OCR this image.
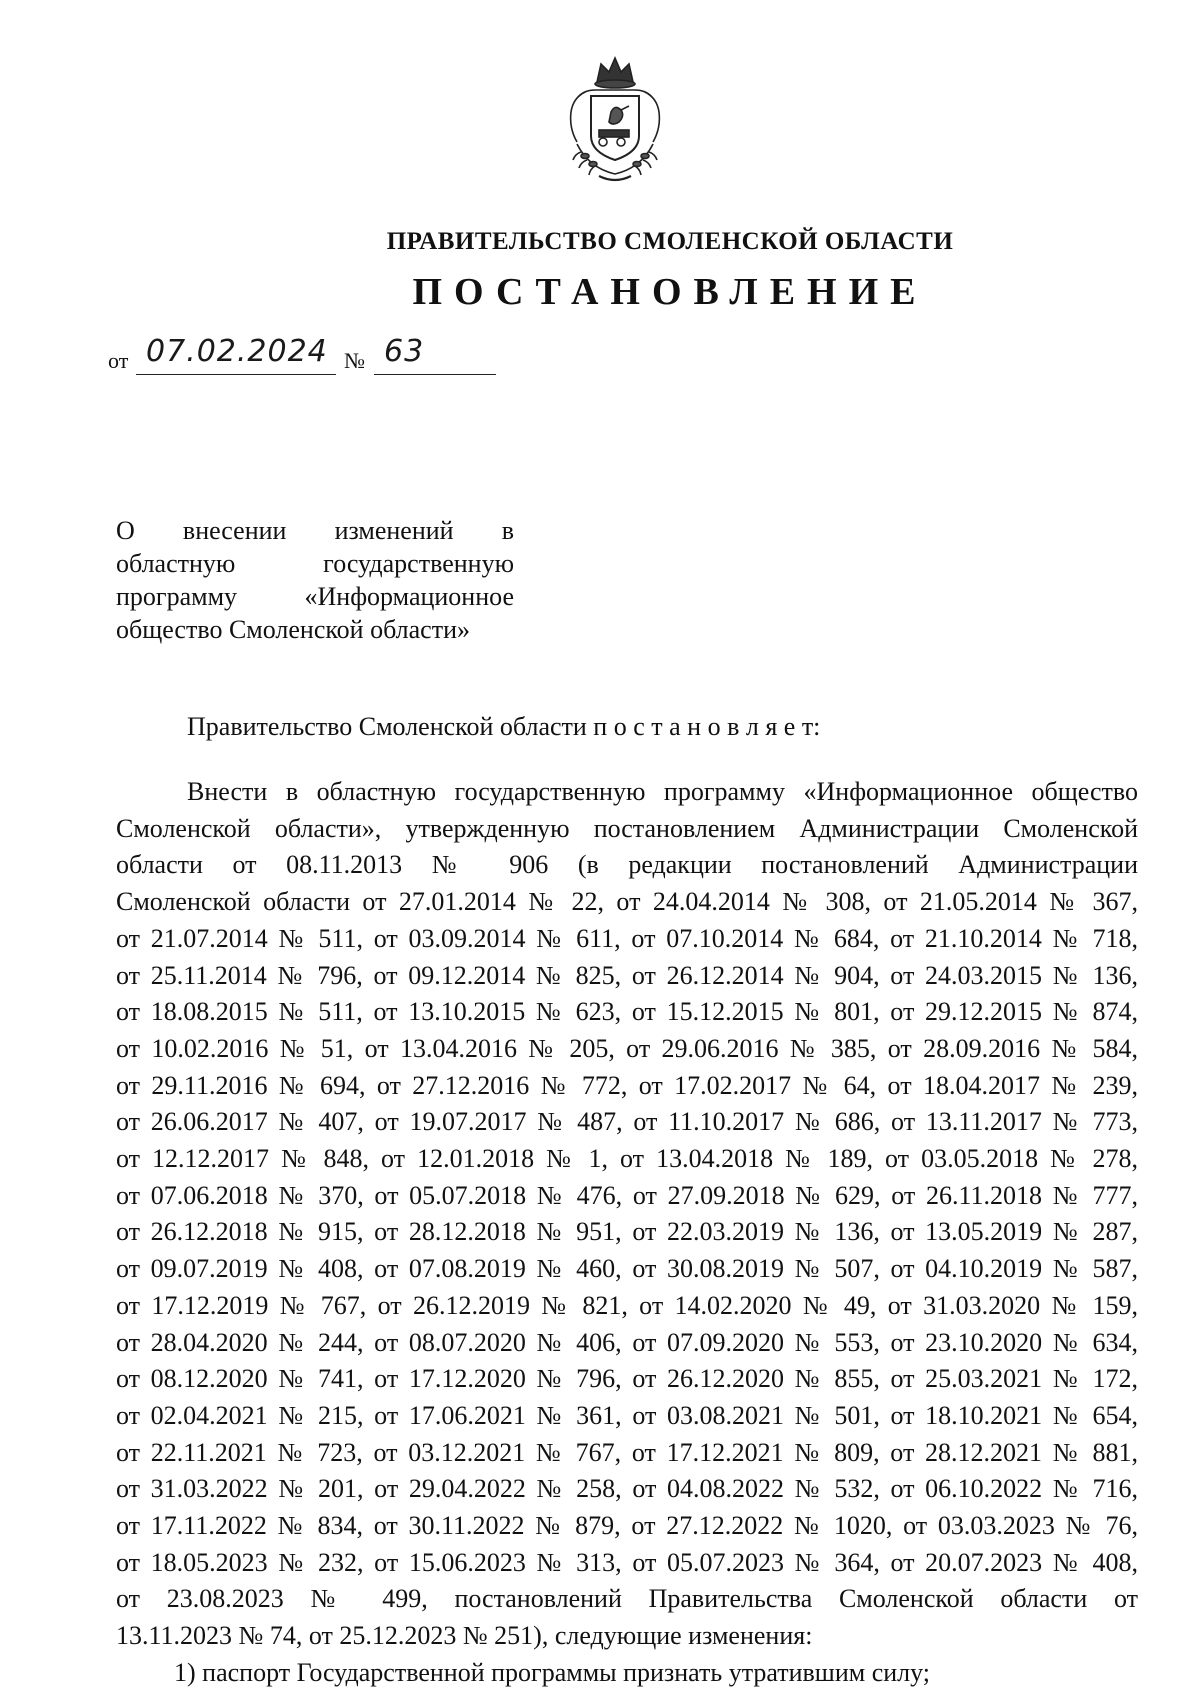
ПРАВИТЕЛЬСТВО СМОЛЕНСКОЙ ОБЛАСТИ
ПОСТАНОВЛЕНИЕ
от 07.02.2024 № 63
О внесении изменений в
областную государственную
программу «Информационное
общество Смоленской области»
Правительство Смоленской области п о с т а н о в л я е т:
Внести в областную государственную программу «Информационное общество
Смоленской области», утвержденную постановлением Администрации Смоленской
области от 08.11.2013 № 906 (в редакции постановлений Администрации
Смоленской области от 27.01.2014 № 22, от 24.04.2014 № 308, от 21.05.2014 № 367,
от 21.07.2014 № 511, от 03.09.2014 № 611, от 07.10.2014 № 684, от 21.10.2014 № 718,
от 25.11.2014 № 796, от 09.12.2014 № 825, от 26.12.2014 № 904, от 24.03.2015 № 136,
от 18.08.2015 № 511, от 13.10.2015 № 623, от 15.12.2015 № 801, от 29.12.2015 № 874,
от 10.02.2016 № 51, от 13.04.2016 № 205, от 29.06.2016 № 385, от 28.09.2016 № 584,
от 29.11.2016 № 694, от 27.12.2016 № 772, от 17.02.2017 № 64, от 18.04.2017 № 239,
от 26.06.2017 № 407, от 19.07.2017 № 487, от 11.10.2017 № 686, от 13.11.2017 № 773,
от 12.12.2017 № 848, от 12.01.2018 № 1, от 13.04.2018 № 189, от 03.05.2018 № 278,
от 07.06.2018 № 370, от 05.07.2018 № 476, от 27.09.2018 № 629, от 26.11.2018 № 777,
от 26.12.2018 № 915, от 28.12.2018 № 951, от 22.03.2019 № 136, от 13.05.2019 № 287,
от 09.07.2019 № 408, от 07.08.2019 № 460, от 30.08.2019 № 507, от 04.10.2019 № 587,
от 17.12.2019 № 767, от 26.12.2019 № 821, от 14.02.2020 № 49, от 31.03.2020 № 159,
от 28.04.2020 № 244, от 08.07.2020 № 406, от 07.09.2020 № 553, от 23.10.2020 № 634,
от 08.12.2020 № 741, от 17.12.2020 № 796, от 26.12.2020 № 855, от 25.03.2021 № 172,
от 02.04.2021 № 215, от 17.06.2021 № 361, от 03.08.2021 № 501, от 18.10.2021 № 654,
от 22.11.2021 № 723, от 03.12.2021 № 767, от 17.12.2021 № 809, от 28.12.2021 № 881,
от 31.03.2022 № 201, от 29.04.2022 № 258, от 04.08.2022 № 532, от 06.10.2022 № 716,
от 17.11.2022 № 834, от 30.11.2022 № 879, от 27.12.2022 № 1020, от 03.03.2023 № 76,
от 18.05.2023 № 232, от 15.06.2023 № 313, от 05.07.2023 № 364, от 20.07.2023 № 408,
от 23.08.2023 № 499, постановлений Правительства Смоленской области от
13.11.2023 № 74, от 25.12.2023 № 251), следующие изменения:
1) паспорт Государственной программы признать утратившим силу;
